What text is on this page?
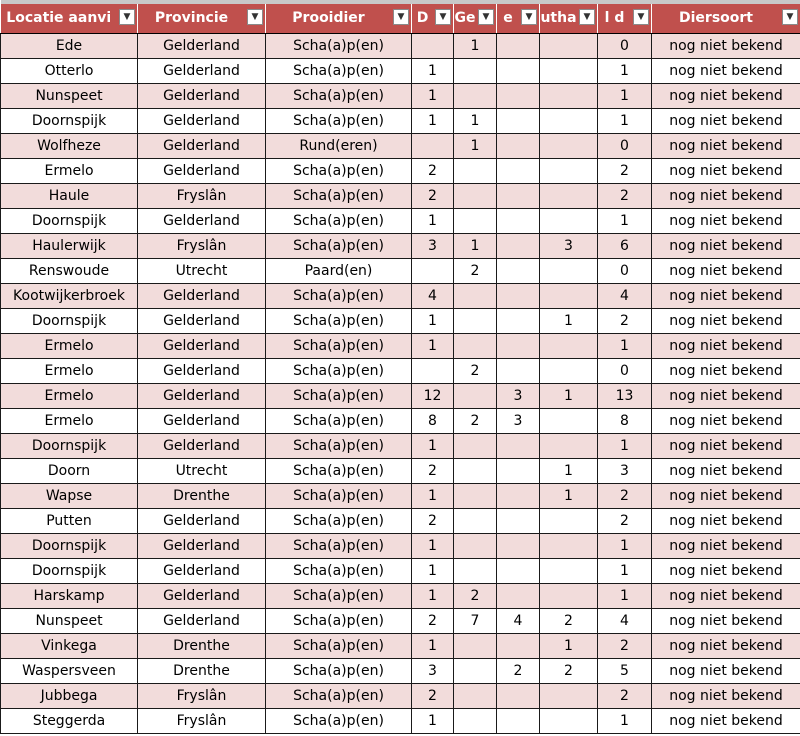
Locatie aanvi ▼	Provincie ▼	Prooidier ▼	D ▼	Ge ▼	e ▼	utha ▼	l d ▼	Diersoort ▼

Ede	Gelderland	Scha(a)p(en)		1			0	nog niet bekend
Otterlo	Gelderland	Scha(a)p(en)	1				1	nog niet bekend
Nunspeet	Gelderland	Scha(a)p(en)	1				1	nog niet bekend
Doornspijk	Gelderland	Scha(a)p(en)	1	1			1	nog niet bekend
Wolfheze	Gelderland	Rund(eren)		1			0	nog niet bekend
Ermelo	Gelderland	Scha(a)p(en)	2				2	nog niet bekend
Haule	Fryslân	Scha(a)p(en)	2				2	nog niet bekend
Doornspijk	Gelderland	Scha(a)p(en)	1				1	nog niet bekend
Haulerwijk	Fryslân	Scha(a)p(en)	3	1		3	6	nog niet bekend
Renswoude	Utrecht	Paard(en)		2			0	nog niet bekend
Kootwijkerbroek	Gelderland	Scha(a)p(en)	4				4	nog niet bekend
Doornspijk	Gelderland	Scha(a)p(en)	1			1	2	nog niet bekend
Ermelo	Gelderland	Scha(a)p(en)	1				1	nog niet bekend
Ermelo	Gelderland	Scha(a)p(en)		2			0	nog niet bekend
Ermelo	Gelderland	Scha(a)p(en)	12		3	1	13	nog niet bekend
Ermelo	Gelderland	Scha(a)p(en)	8	2	3		8	nog niet bekend
Doornspijk	Gelderland	Scha(a)p(en)	1				1	nog niet bekend
Doorn	Utrecht	Scha(a)p(en)	2			1	3	nog niet bekend
Wapse	Drenthe	Scha(a)p(en)	1			1	2	nog niet bekend
Putten	Gelderland	Scha(a)p(en)	2				2	nog niet bekend
Doornspijk	Gelderland	Scha(a)p(en)	1				1	nog niet bekend
Doornspijk	Gelderland	Scha(a)p(en)	1				1	nog niet bekend
Harskamp	Gelderland	Scha(a)p(en)	1	2			1	nog niet bekend
Nunspeet	Gelderland	Scha(a)p(en)	2	7	4	2	4	nog niet bekend
Vinkega	Drenthe	Scha(a)p(en)	1			1	2	nog niet bekend
Waspersveen	Drenthe	Scha(a)p(en)	3		2	2	5	nog niet bekend
Jubbega	Fryslân	Scha(a)p(en)	2				2	nog niet bekend
Steggerda	Fryslân	Scha(a)p(en)	1				1	nog niet bekend
